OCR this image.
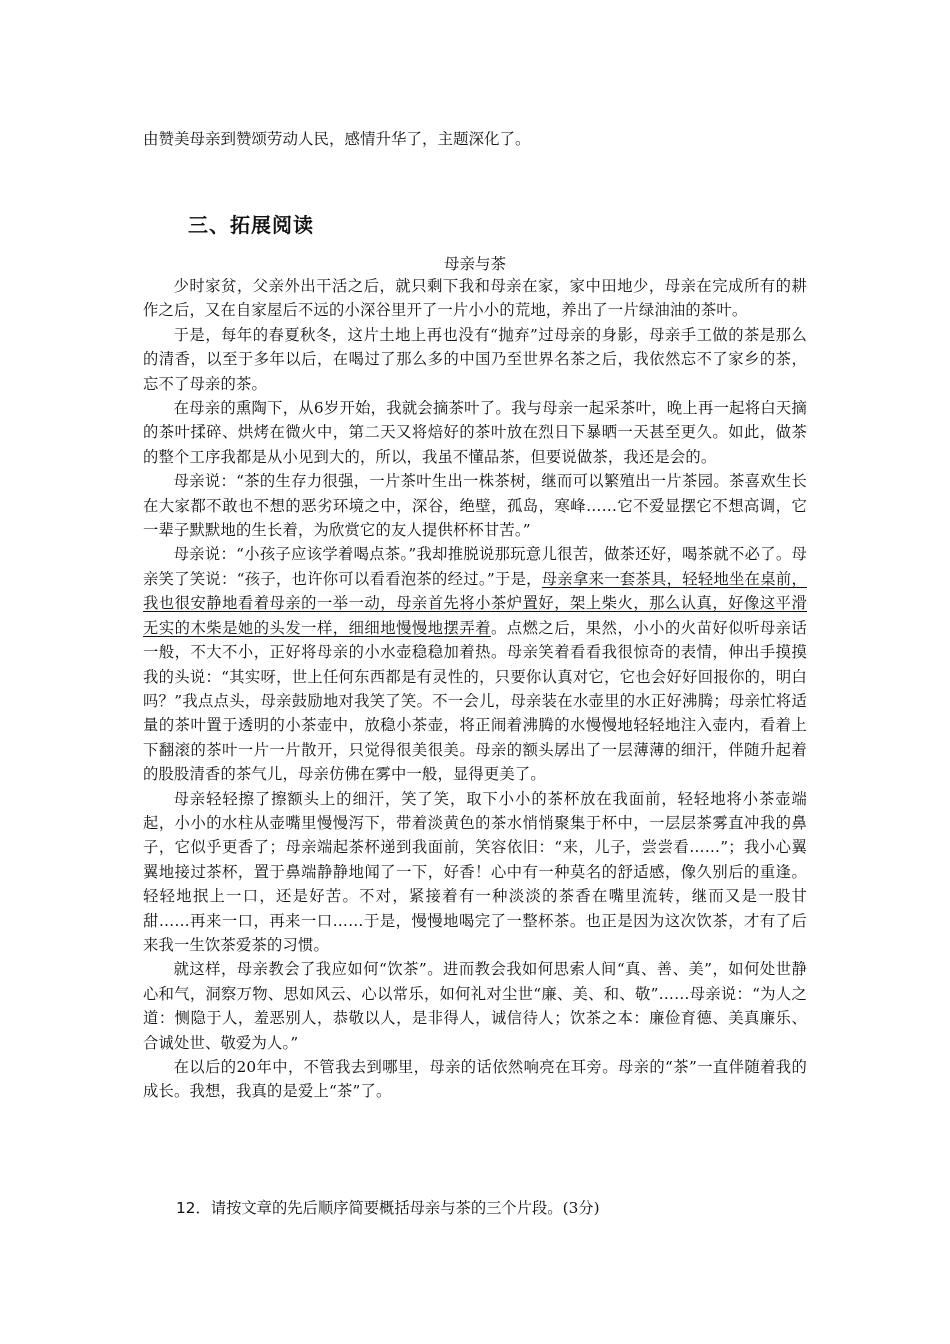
由赞美母亲到赞颂劳动人民，感情升华了，主题深化了。
三、拓展阅读
母亲与茶

少时家贫，父亲外出干活之后，就只剩下我和母亲在家，家中田地少，母亲在完成所有的耕作之后，又在自家屋后不远的小深谷里开了一片小小的荒地，养出了一片绿油油的茶叶。

于是，每年的春夏秋冬，这片土地上再也没有“抛弃”过母亲的身影，母亲手工做的茶是那么的清香，以至于多年以后，在喝过了那么多的中国乃至世界名茶之后，我依然忘不了家乡的茶，忘不了母亲的茶。

在母亲的熏陶下，从6岁开始，我就会摘茶叶了。我与母亲一起采茶叶，晚上再一起将白天摘的茶叶揉碎、烘烤在微火中，第二天又将焙好的茶叶放在烈日下暴晒一天甚至更久。如此，做茶的整个工序我都是从小见到大的，所以，我虽不懂品茶，但要说做茶，我还是会的。

母亲说：“茶的生存力很强，一片茶叶生出一株茶树，继而可以繁殖出一片茶园。茶喜欢生长在大家都不敢也不想的恶劣环境之中，深谷，绝壁，孤岛，寒峰……它不爱显摆它不想高调，它一辈子默默地的生长着，为欣赏它的友人提供杯杯甘苦。”

母亲说：“小孩子应该学着喝点茶。”我却推脱说那玩意儿很苦，做茶还好，喝茶就不必了。母亲笑了笑说：“孩子，也许你可以看看泡茶的经过。”于是，母亲拿来一套茶具，轻轻地坐在桌前，我也很安静地看着母亲的一举一动，母亲首先将小茶炉置好，架上柴火，那么认真，好像这平滑无实的木柴是她的头发一样，细细地慢慢地摆弄着。点燃之后，果然，小小的火苗好似听母亲话一般，不大不小，正好将母亲的小水壶稳稳加着热。母亲笑着看看我很惊奇的表情，伸出手摸摸我的头说：“其实呀，世上任何东西都是有灵性的，只要你认真对它，它也会好好回报你的，明白吗？”我点点头，母亲鼓励地对我笑了笑。不一会儿，母亲装在水壶里的水正好沸腾；母亲忙将适量的茶叶置于透明的小茶壶中，放稳小茶壶，将正闹着沸腾的水慢慢地轻轻地注入壶内，看着上下翻滚的茶叶一片一片散开，只觉得很美很美。母亲的额头孱出了一层薄薄的细汗，伴随升起着的股股清香的茶气儿，母亲仿佛在雾中一般，显得更美了。

母亲轻轻擦了擦额头上的细汗，笑了笑，取下小小的茶杯放在我面前，轻轻地将小茶壶端起，小小的水柱从壶嘴里慢慢泻下，带着淡黄色的茶水悄悄聚集于杯中，一层层茶雾直冲我的鼻子，它似乎更香了；母亲端起茶杯递到我面前，笑容依旧：“来，儿子，尝尝看……”；我小心翼翼地接过茶杯，置于鼻端静静地闻了一下，好香！心中有一种莫名的舒适感，像久别后的重逢。轻轻地抿上一口，还是好苦。不对，紧接着有一种淡淡的茶香在嘴里流转，继而又是一股甘甜……再来一口，再来一口……于是，慢慢地喝完了一整杯茶。也正是因为这次饮茶，才有了后来我一生饮茶爱茶的习惯。

就这样，母亲教会了我应如何“饮茶”。进而教会我如何思索人间“真、善、美”，如何处世静心和气，洞察万物、思如风云、心以常乐，如何礼对尘世“廉、美、和、敬”……母亲说：“为人之道：恻隐于人，羞恶别人，恭敬以人，是非得人，诚信待人；饮茶之本：廉俭育德、美真廉乐、合诚处世、敬爱为人。”

在以后的20年中，不管我去到哪里，母亲的话依然响亮在耳旁。母亲的“茶”一直伴随着我的成长。我想，我真的是爱上“茶”了。

12．请按文章的先后顺序简要概括母亲与茶的三个片段。(3分)
